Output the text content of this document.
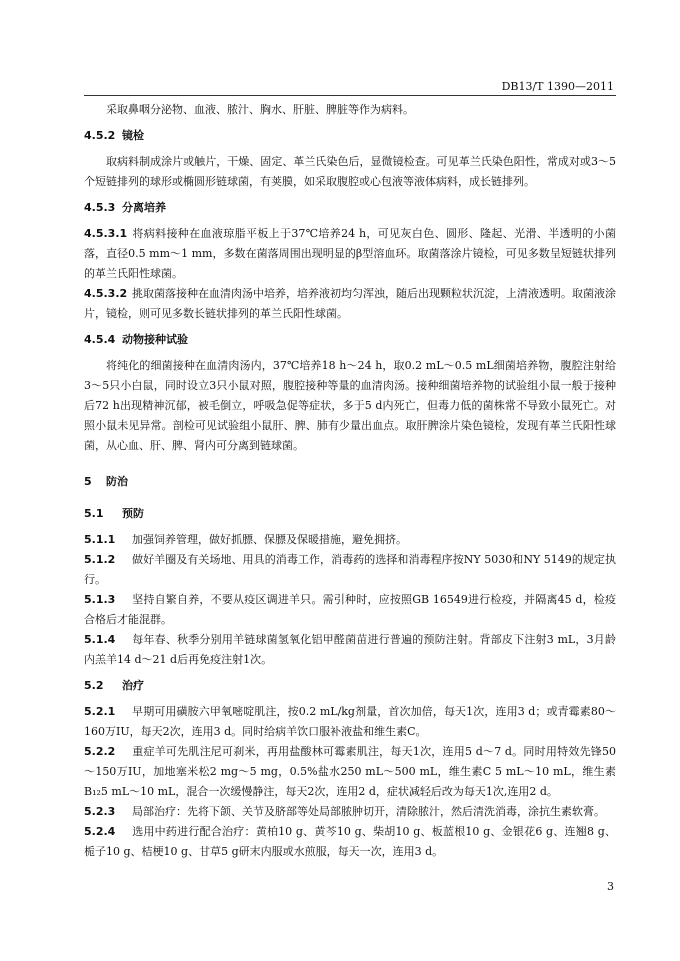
DB13/T 1390—2011

采取鼻咽分泌物、血液、脓汁、胸水、肝脏、脾脏等作为病料。

4.5.2 镜检

取病料制成涂片或触片，干燥、固定、革兰氏染色后，显微镜检查。可见革兰氏染色阳性，常成对或3～5个短链排列的球形或椭圆形链球菌，有荚膜，如采取腹腔或心包液等液体病料，成长链排列。

4.5.3 分离培养

4.5.3.1 将病料接种在血液琼脂平板上于37℃培养24 h，可见灰白色、圆形、隆起、光滑、半透明的小菌落，直径0.5 mm～1 mm，多数在菌落周围出现明显的β型溶血环。取菌落涂片镜检，可见多数呈短链状排列的革兰氏阳性球菌。

4.5.3.2 挑取菌落接种在血清肉汤中培养，培养液初均匀浑浊，随后出现颗粒状沉淀，上清液透明。取菌液涂片，镜检，则可见多数长链状排列的革兰氏阳性球菌。

4.5.4 动物接种试验

将纯化的细菌接种在血清肉汤内，37℃培养18 h～24 h，取0.2 mL～0.5 mL细菌培养物，腹腔注射给3～5只小白鼠，同时设立3只小鼠对照，腹腔接种等量的血清肉汤。接种细菌培养物的试验组小鼠一般于接种后72 h出现精神沉郁，被毛倒立，呼吸急促等症状，多于5 d内死亡，但毒力低的菌株常不导致小鼠死亡。对照小鼠未见异常。剖检可见试验组小鼠肝、脾、肺有少量出血点。取肝脾涂片染色镜检，发现有革兰氏阳性球菌，从心血、肝、脾、肾内可分离到链球菌。

5 防治
5.1 预防

5.1.1 加强饲养管理，做好抓膘、保膘及保暖措施，避免拥挤。

5.1.2 做好羊圈及有关场地、用具的消毒工作，消毒药的选择和消毒程序按NY 5030和NY 5149的规定执行。

5.1.3 坚持自繁自养，不要从疫区调进羊只。需引种时，应按照GB 16549进行检疫，并隔离45 d，检疫合格后才能混群。

5.1.4 每年春、秋季分别用羊链球菌氢氧化铝甲醛菌苗进行普遍的预防注射。背部皮下注射3 mL，3月龄内羔羊14 d～21 d后再免疫注射1次。

5.2 治疗

5.2.1 早期可用磺胺六甲氧嘧啶肌注，按0.2 mL/kg剂量，首次加倍，每天1次，连用3 d；或青霉素80～160万IU，每天2次，连用3 d。同时给病羊饮口服补液盐和维生素C。

5.2.2 重症羊可先肌注尼可刹米，再用盐酸林可霉素肌注，每天1次，连用5 d～7 d。同时用特效先锋50～150万IU，加地塞米松2 mg～5 mg，0.5%盐水250 mL～500 mL，维生素C 5 mL～10 mL，维生素B₁₂5 mL～10 mL，混合一次缓慢静注，每天2次，连用2 d，症状减轻后改为每天1次,连用2 d。

5.2.3 局部治疗：先将下颌、关节及脐部等处局部脓肿切开，清除脓汁，然后清洗消毒，涂抗生素软膏。

5.2.4 选用中药进行配合治疗：黄柏10 g、黄芩10 g、柴胡10 g、板蓝根10 g、金银花6 g、连翘8 g、栀子10 g、桔梗10 g、甘草5 g研末内服或水煎服，每天一次，连用3 d。

3
